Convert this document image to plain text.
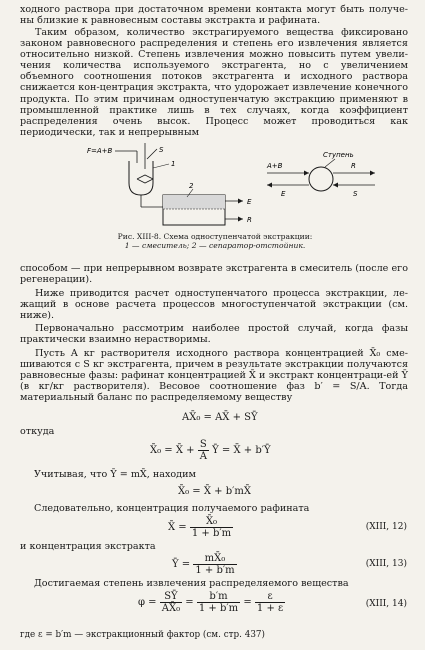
ходного раствора при достаточном времени контакта могут быть получе-ны близкие к равновесным составы экстракта и рафината.

Таким образом, количество экстрагируемого вещества фиксировано законом равновесного распределения и степень его извлечения является относительно низкой. Степень извлечения можно повысить путем увели-чения количества используемого экстрагента, но с увеличением объемного соотношения потоков экстрагента и исходного раствора снижается кон-центрация экстракта, что удорожает извлечение конечного продукта. По этим причинам одноступенчатую экстракцию применяют в промышленной практике лишь в тех случаях, когда коэффициент распределения очень высок. Процесс может проводиться как периодически, так и непрерывным

F=A+B	S
1
2
E
R
A+B
Ступень
R
E	S
Рис. XIII-8. Схема одноступенчатой экстракции:
1 — смеситель; 2 — сепаратор-отстойник.

способом — при непрерывном возврате экстрагента в смеситель (после его регенерации).

Ниже приводится расчет одноступенчатого процесса экстракции, ле-жащий в основе расчета процессов многоступенчатой экстракции (см. ниже).

Первоначально рассмотрим наиболее простой случай, когда фазы практически взаимно нерастворимы.

Пусть A кг растворителя исходного раствора концентрацией X̄₀ сме-шиваются с S кг экстрагента, причем в результате экстракции получаются равновесные фазы: рафинат концентрацией X̄ и экстракт концентраци-ей Ȳ (в кг/кг растворителя). Весовое соотношение фаз b′ = S/A. Тогда материальный баланс по распределяемому веществу

AX̄₀ = AX̄ + SȲ
откуда
X̄₀ = X̄ + $\frac{S}{A}$ Ȳ = X̄ + b′Ȳ
Учитывая, что Ȳ = mX̄, находим
X̄₀ = X̄ + b′mX̄
Следовательно, концентрация получаемого рафината
X̄ = $\frac{\text{X̄₀}}{1 + b'm}$	(XIII, 12)
и концентрация экстракта
Ȳ = $\frac{\text{mX̄₀}}{1 + b'm}$	(XIII, 13)
Достигаемая степень извлечения распределяемого вещества
$\varphi = \frac{SȲ}{\text{AX̄₀}} = \frac{b'm}{1 + b'm} = \frac{\varepsilon}{1 + \varepsilon}$	(XIII, 14)
где ε = b′m — экстракционный фактор (см. стр. 437)
